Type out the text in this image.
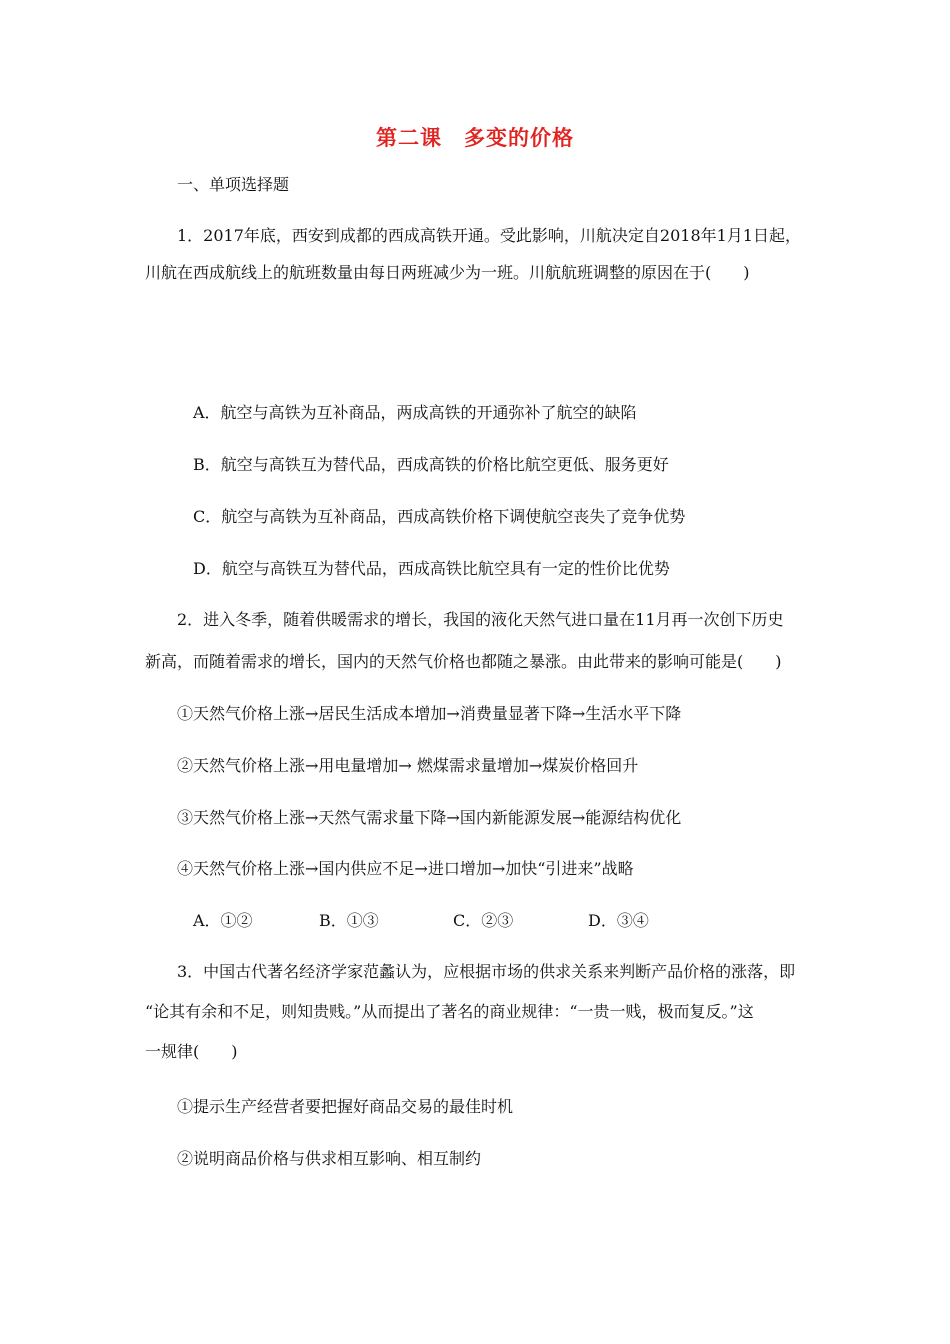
第二课　多变的价格
一、单项选择题
1．2017年底，西安到成都的西成高铁开通。受此影响，川航决定自2018年1月1日起，
川航在西成航线上的航班数量由每日两班减少为一班。川航航班调整的原因在于(　　)
A．航空与高铁为互补商品，两成高铁的开通弥补了航空的缺陷
B．航空与高铁互为替代品，西成高铁的价格比航空更低、服务更好
C．航空与高铁为互补商品，西成高铁价格下调使航空丧失了竞争优势
D．航空与高铁互为替代品，西成高铁比航空具有一定的性价比优势
2．进入冬季，随着供暖需求的增长，我国的液化天然气进口量在11月再一次创下历史
新高，而随着需求的增长，国内的天然气价格也都随之暴涨。由此带来的影响可能是(　　)
①天然气价格上涨→居民生活成本增加→消费量显著下降→生活水平下降
②天然气价格上涨→用电量增加→ 燃煤需求量增加→煤炭价格回升
③天然气价格上涨→天然气需求量下降→国内新能源发展→能源结构优化
④天然气价格上涨→国内供应不足→进口增加→加快“引进来”战略
A．①②	B．①③	C．②③	D．③④
3．中国古代著名经济学家范蠡认为，应根据市场的供求关系来判断产品价格的涨落，即
“论其有余和不足，则知贵贱。”从而提出了著名的商业规律：“一贵一贱，极而复反。”这
一规律(　　)
①提示生产经营者要把握好商品交易的最佳时机
②说明商品价格与供求相互影响、相互制约
